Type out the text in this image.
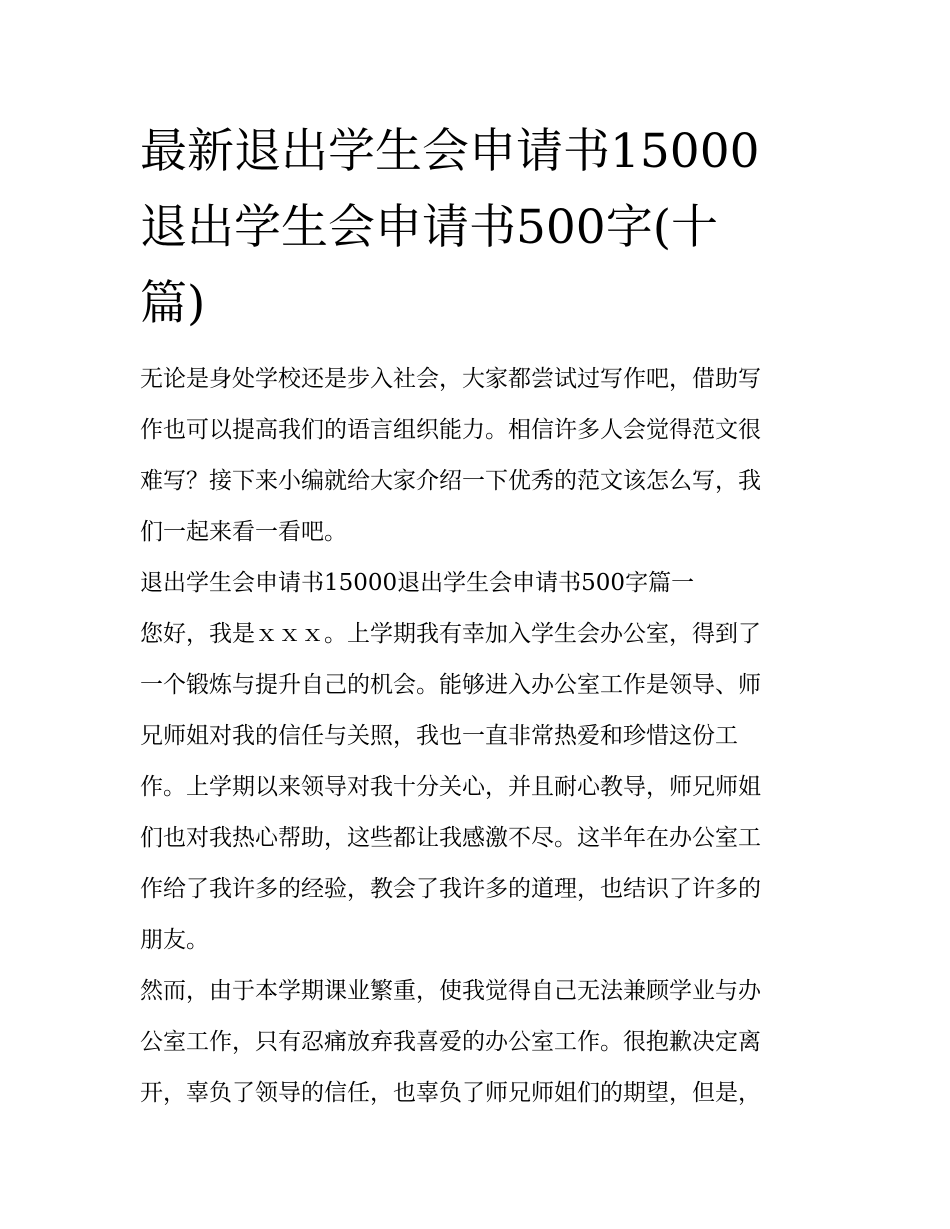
最新退出学生会申请书15000
退出学生会申请书500字(十
篇)

无论是身处学校还是步入社会，大家都尝试过写作吧，借助写
作也可以提高我们的语言组织能力。相信许多人会觉得范文很
难写？接下来小编就给大家介绍一下优秀的范文该怎么写，我
们一起来看一看吧。

退出学生会申请书15000退出学生会申请书500字篇一

您好，我是ｘｘｘ。上学期我有幸加入学生会办公室，得到了
一个锻炼与提升自己的机会。能够进入办公室工作是领导、师
兄师姐对我的信任与关照，我也一直非常热爱和珍惜这份工
作。上学期以来领导对我十分关心，并且耐心教导，师兄师姐
们也对我热心帮助，这些都让我感激不尽。这半年在办公室工
作给了我许多的经验，教会了我许多的道理，也结识了许多的
朋友。

然而，由于本学期课业繁重，使我觉得自己无法兼顾学业与办
公室工作，只有忍痛放弃我喜爱的办公室工作。很抱歉决定离
开，辜负了领导的信任，也辜负了师兄师姐们的期望，但是，
